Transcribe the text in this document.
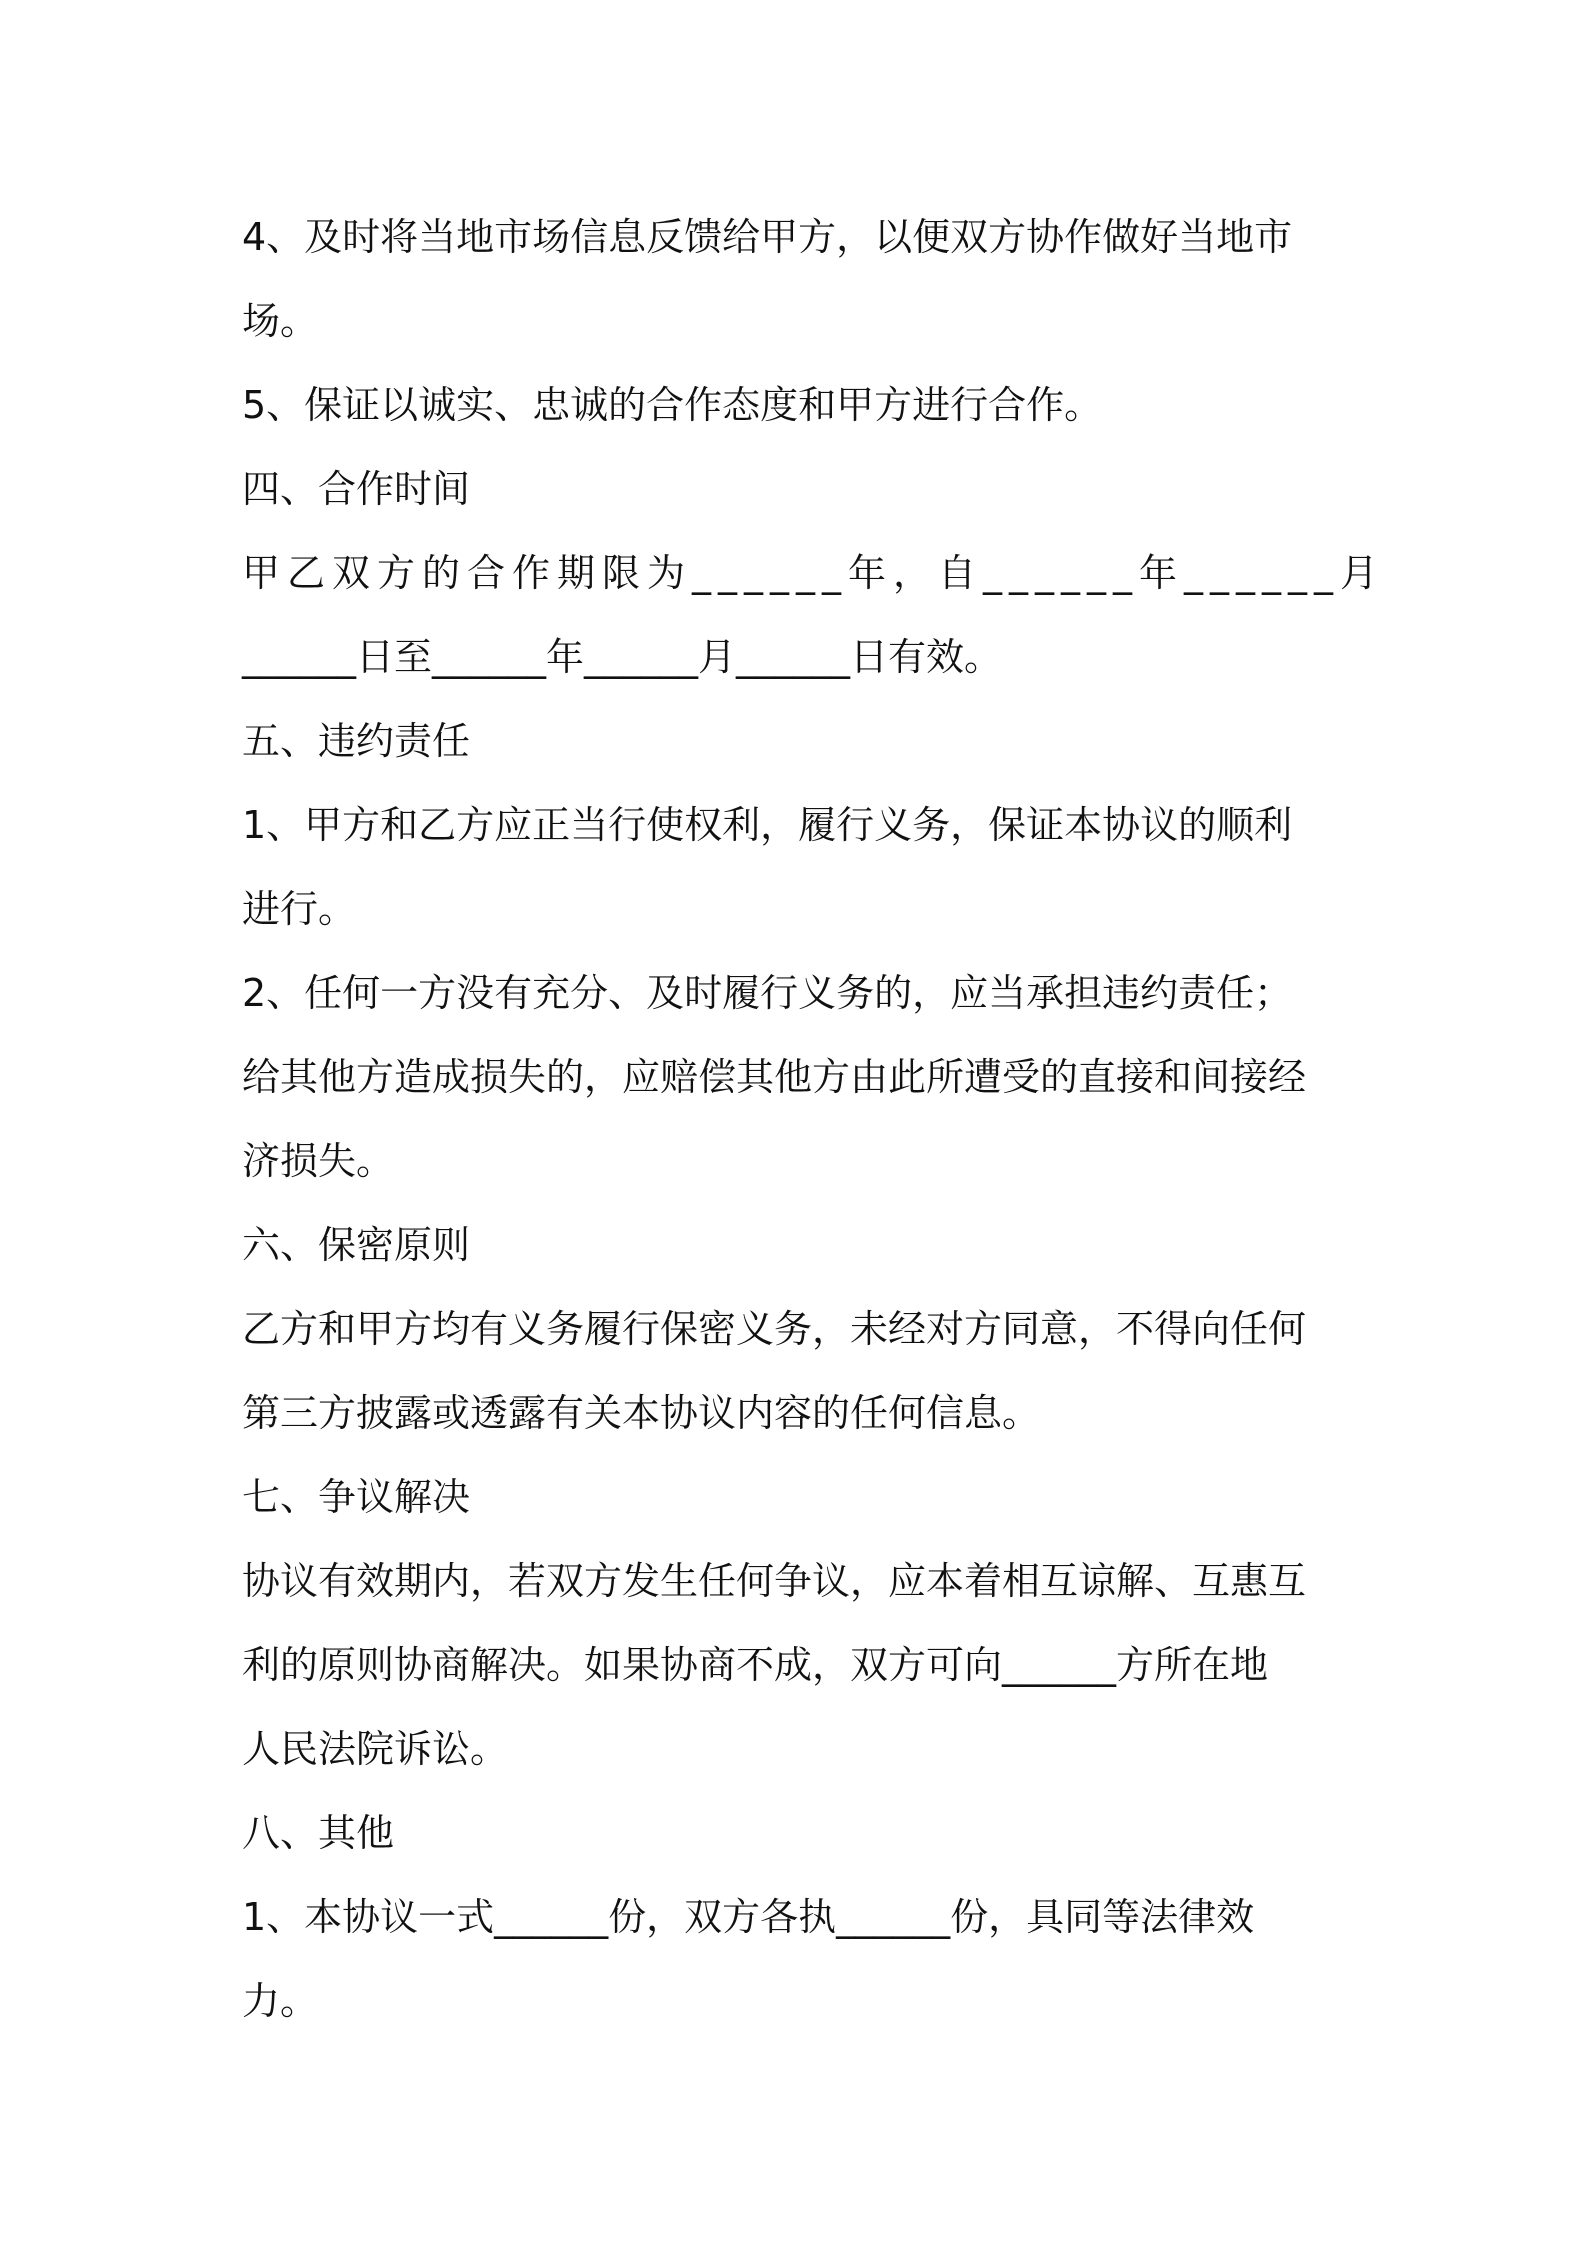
4、及时将当地市场信息反馈给甲方，以便双方协作做好当地市
场。
5、保证以诚实、忠诚的合作态度和甲方进行合作。
四、合作时间
甲乙双方的合作期限为______年，自______年______月
______日至______年______月______日有效。
五、违约责任
1、甲方和乙方应正当行使权利，履行义务，保证本协议的顺利
进行。
2、任何一方没有充分、及时履行义务的，应当承担违约责任；
给其他方造成损失的，应赔偿其他方由此所遭受的直接和间接经
济损失。
六、保密原则
乙方和甲方均有义务履行保密义务，未经对方同意，不得向任何
第三方披露或透露有关本协议内容的任何信息。
七、争议解决
协议有效期内，若双方发生任何争议，应本着相互谅解、互惠互
利的原则协商解决。如果协商不成，双方可向______方所在地
人民法院诉讼。
八、其他
1、本协议一式______份，双方各执______份，具同等法律效
力。
